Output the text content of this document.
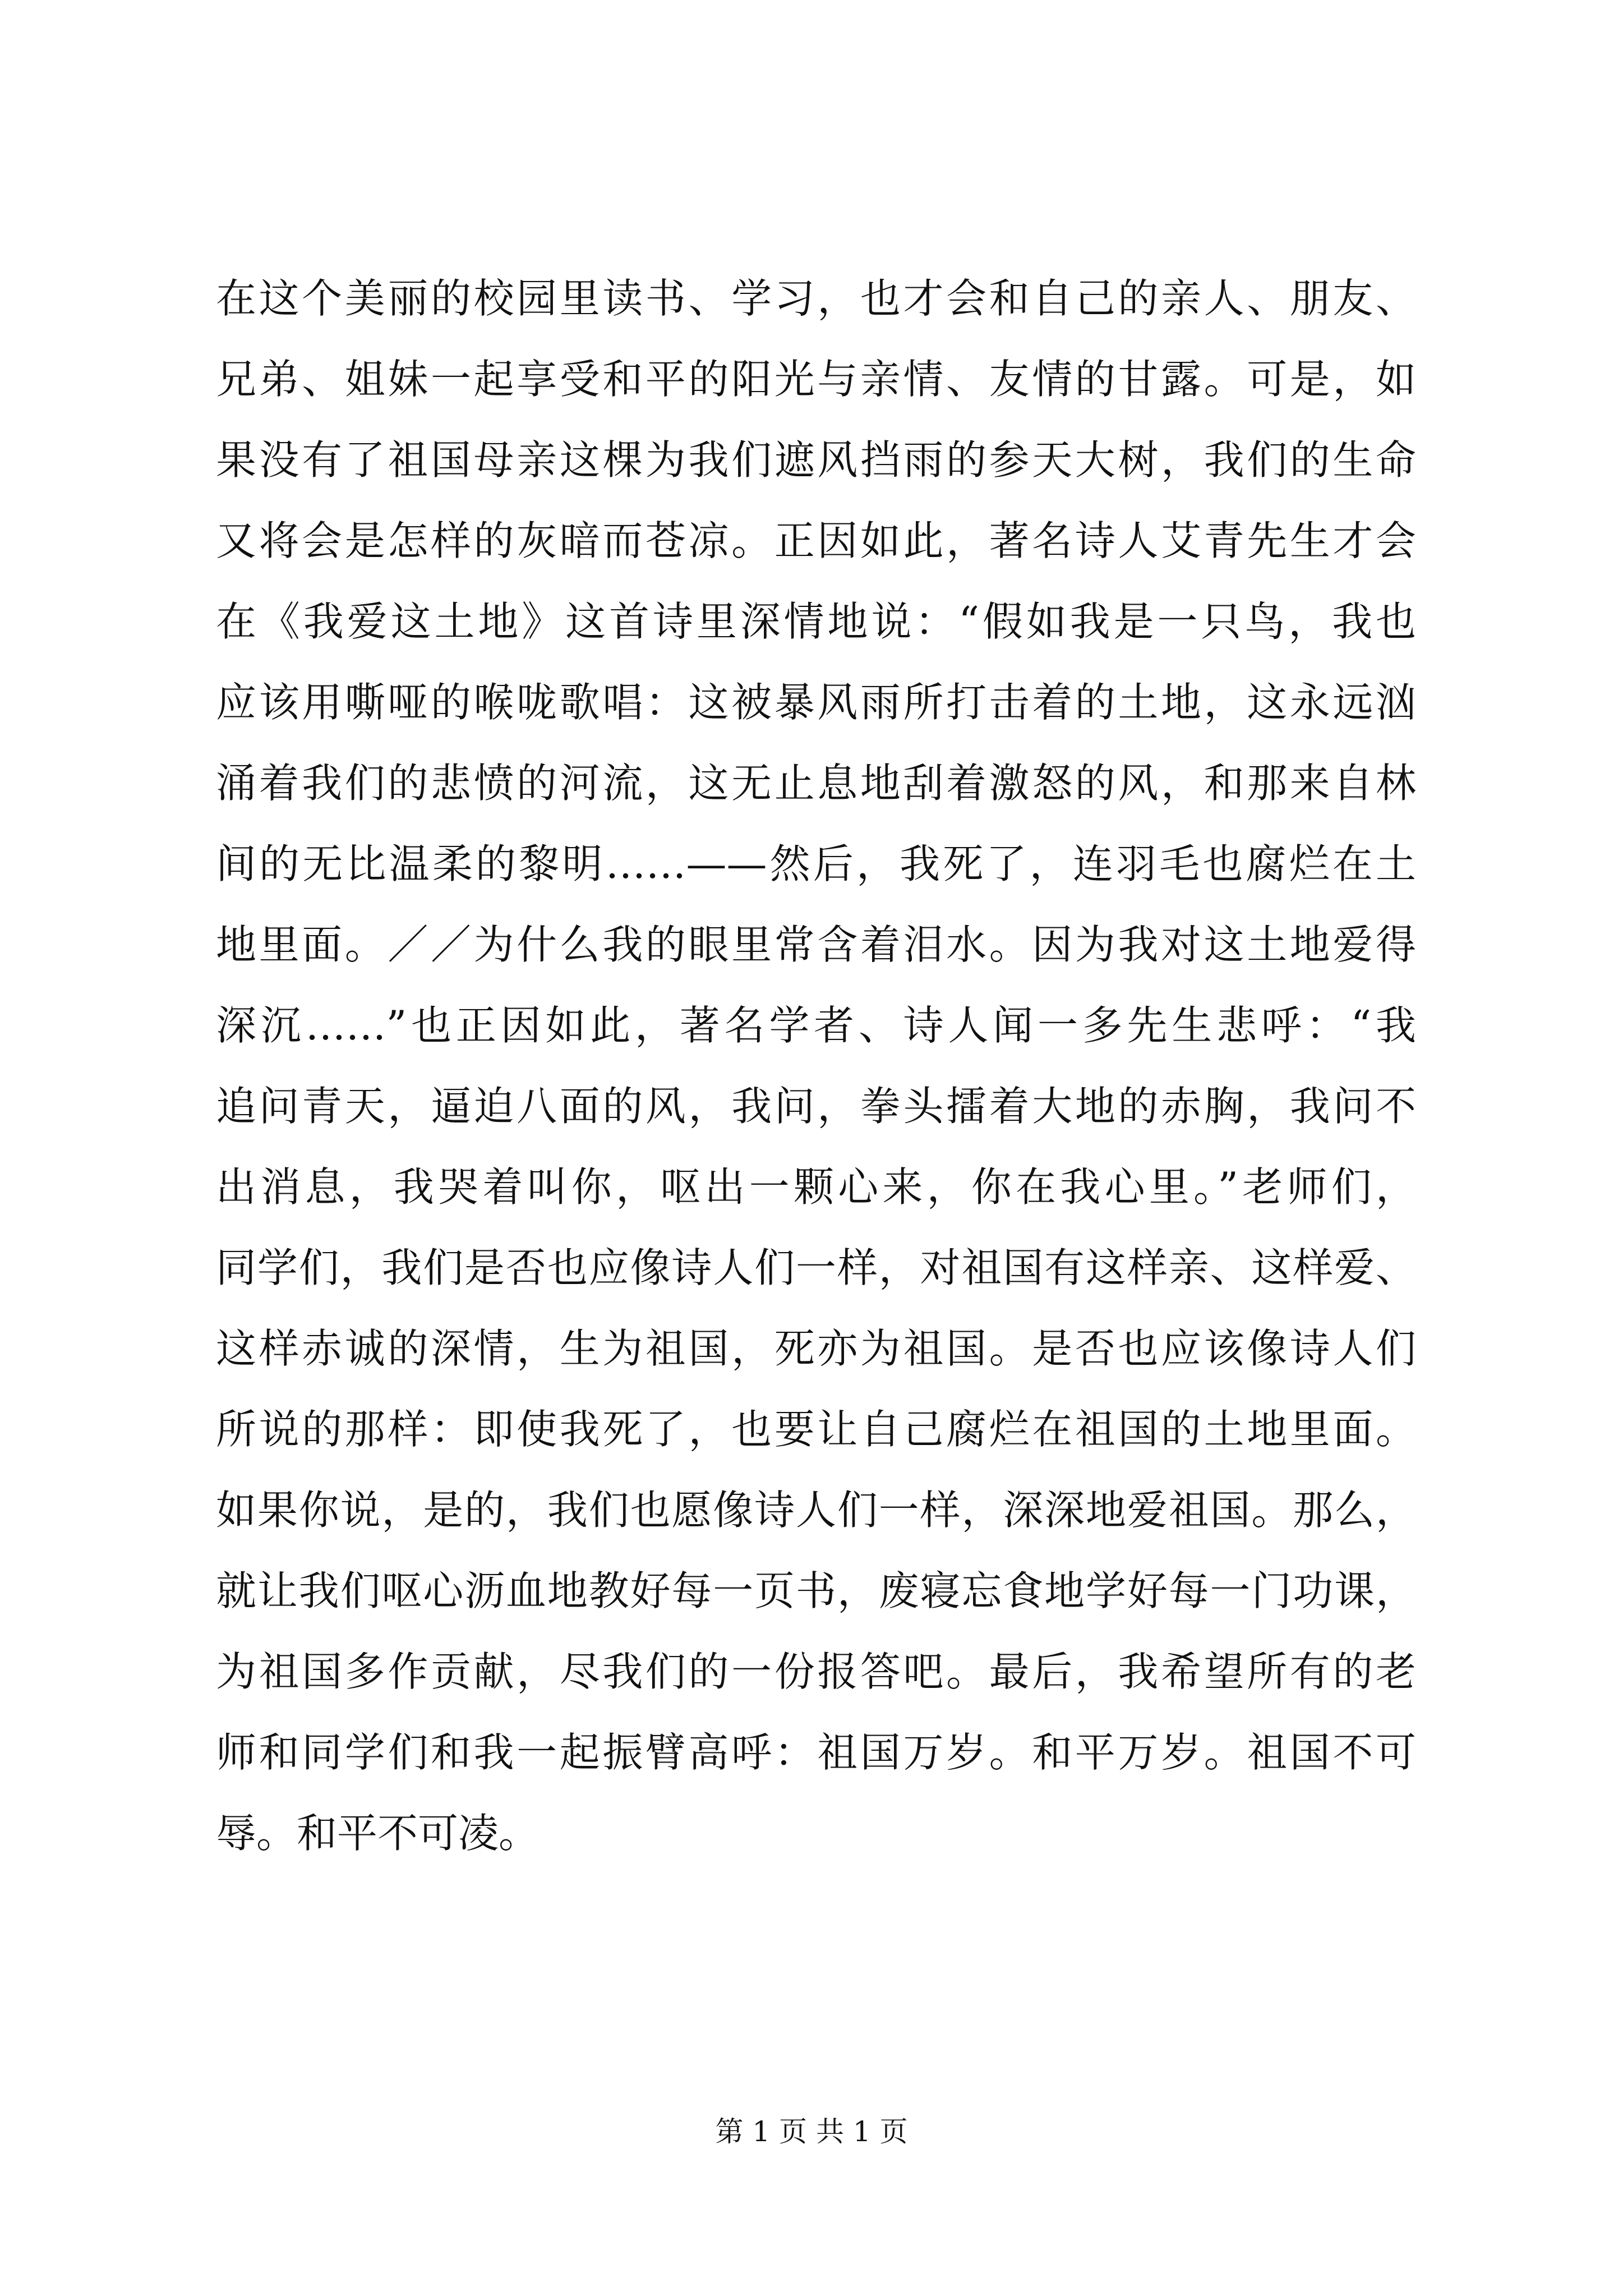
在这个美丽的校园里读书、学习，也才会和自己的亲人、朋友、
兄弟、姐妹一起享受和平的阳光与亲情、友情的甘露。可是，如
果没有了祖国母亲这棵为我们遮风挡雨的参天大树，我们的生命
又将会是怎样的灰暗而苍凉。正因如此，著名诗人艾青先生才会
在《我爱这土地》这首诗里深情地说：“假如我是一只鸟，我也
应该用嘶哑的喉咙歌唱：这被暴风雨所打击着的土地，这永远汹
涌着我们的悲愤的河流，这无止息地刮着激怒的风，和那来自林
间的无比温柔的黎明……——然后，我死了，连羽毛也腐烂在土
地里面。／／为什么我的眼里常含着泪水。因为我对这土地爱得
深沉……”也正因如此，著名学者、诗人闻一多先生悲呼：“我
追问青天，逼迫八面的风，我问，拳头擂着大地的赤胸，我问不
出消息，我哭着叫你，呕出一颗心来，你在我心里。”老师们，
同学们，我们是否也应像诗人们一样，对祖国有这样亲、这样爱、
这样赤诚的深情，生为祖国，死亦为祖国。是否也应该像诗人们
所说的那样：即使我死了，也要让自己腐烂在祖国的土地里面。
如果你说，是的，我们也愿像诗人们一样，深深地爱祖国。那么，
就让我们呕心沥血地教好每一页书，废寝忘食地学好每一门功课，
为祖国多作贡献，尽我们的一份报答吧。最后，我希望所有的老
师和同学们和我一起振臂高呼：祖国万岁。和平万岁。祖国不可
辱。和平不可凌。
第 1 页 共 1 页
